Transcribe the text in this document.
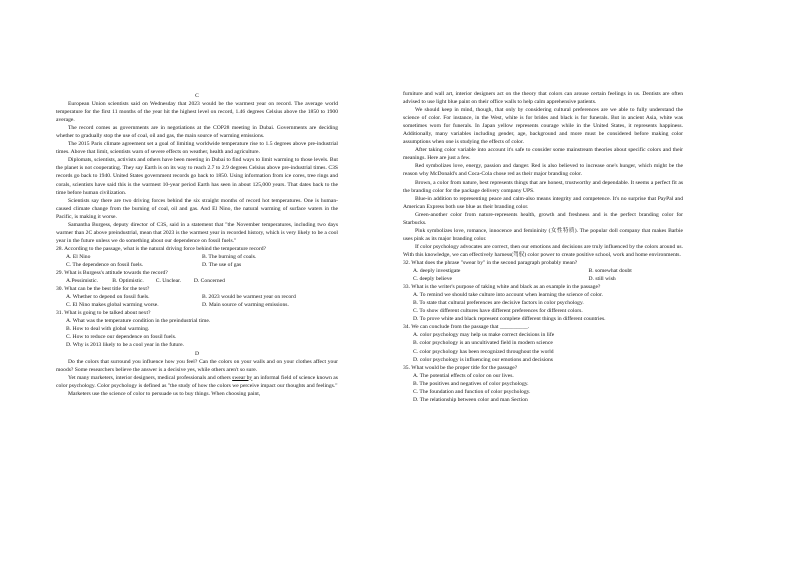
C

European Union scientists said on Wednesday that 2023 would be the warmest year on record. The average world temperature for the first 11 months of the year hit the highest level on record, 1.46 degrees Celsius above the 1850 to 1900 average.

The record comes as governments are in negotiations at the COP28 meeting in Dubai. Governments are deciding whether to gradually stop the use of coal, oil and gas, the main source of warming emissions.

The 2015 Paris climate agreement set a goal of limiting worldwide temperature rise to 1.5 degrees above pre-industrial times. Above that limit, scientists warn of severe effects on weather, health and agriculture.

Diplomats, scientists, activists and others have been meeting in Dubai to find ways to limit warming to those levels. But the planet is not cooperating. They say Earth is on its way to reach 2.7 to 2.9 degrees Celsius above pre-industrial times. C3S records go back to 1940. United States government records go back to 1850. Using information from ice cores, tree rings and corals, scientists have said this is the warmest 10-year period Earth has seen in about 125,000 years. That dates back to the time before human civilization.

Scientists say there are two driving forces behind the six straight months of record hot temperatures. One is human-caused climate change from the burning of coal, oil and gas. And El Nino, the natural warming of surface waters in the Pacific, is making it worse.

Samantha Burgess, deputy director of C3S, said in a statement that "the November temperatures, including two days warmer than 2C above preindustrial, mean that 2023 is the warmest year in recorded history, which is very likely to be a cool year in the future unless we do something about our dependence on fossil fuels."

28. According to the passage, what is the natural driving force behind the temperature record?

A. El Nino	B. The burning of coals.
C. The dependence on fossil fuels.	D. The use of gas

29. What is Burgess's attitude towards the record?

A.Pessimistic.	B. Optimistic.	C. Unclear.	D. Concerned

30. What can be the best title for the text?

A. Whether to depend on fossil fuels.	B. 2023 would be warmest year on record
C. El Nino makes global warming worse.	D. Main source of warming emissions.

31. What is going to be talked about next?

A. What was the temperature condition in the preindustrial time.

B. How to deal with global warming.

C. How to reduce our dependence on fossil fuels.

D. Why is 2013 likely to be a cool year in the future.

D

Do the colors that surround you influence how you feel? Can the colors on your walls and on your clothes affect your moods? Some researchers believe the answer is a decisive yes, while others aren't so sure.

Yet many marketers, interior designers, medical professionals and others swear by an informal field of science known as color psychology. Color psychology is defined as "the study of how the colors we perceive impact our thoughts and feelings."

Marketers use the science of color to persuade us to buy things. When choosing paint,

furniture and wall art, interior designers act on the theory that colors can arouse certain feelings in us. Dentists are often advised to use light blue paint on their office walls to help calm apprehensive patients.

We should keep in mind, though, that only by considering cultural preferences are we able to fully understand the science of color. For instance, in the West, white is for brides and black is for funerals. But in ancient Asia, white was sometimes worn for funerals. In Japan yellow represents courage while in the United States, it represents happiness. Additionally, many variables including gender, age, background and more must be considered before making color assumptions when one is studying the effects of color.

After taking color variable into account it's safe to consider some mainstream theories about specific colors and their meanings. Here are just a few.

Red symbolizes love, energy, passion and danger. Red is also believed to increase one's hunger, which might be the reason why McDonald's and Coca-Cola chose red as their major branding color.

Brown, a color from nature, best represents things that are honest, trustworthy and dependable. It seems a perfect fit as the branding color for the package delivery company UPS.

Blue-in addition to representing peace and calm-also means integrity and competence. It's no surprise that PayPal and American Express both use blue as their branding color.

Green-another color from nature-represents health, growth and freshness and is the perfect branding color for Starbucks.

Pink symbolizes love, romance, innocence and femininity (女性特质). The popular doll company that makes Barbie uses pink as its major branding color.

If color psychology advocates are correct, then our emotions and decisions are truly influenced by the colors around us. With this knowledge, we can effectively harness(驾驭) color power to create positive school, work and home environments.

32. What does the phrase "swear by" in the second paragraph probably mean?

A. deeply investigate	B. somewhat doubt
C. deeply believe	D. still wish

33. What is the writer's purpose of taking white and black as an example in the passage?

A. To remind we should take culture into account when learning the science of color.

B. To state that cultural preferences are decisive factors in color psychology.

C. To show different cultures have different preferences for different colors.

D. To prove white and black represent complete different things in different countries.

34. We can conclude from the passage that __________.

A. color psychology may help us make correct decisions in life

B. color psychology is an uncultivated field in modern science

C. color psychology has been recognized throughout the world

D. color psychology is influencing our emotions and decisions

35. What would be the proper title for the passage?

A. The potential effects of color on our lives.

B. The positives and negatives of color psychology.

C. The foundation and function of color psychology.

D. The relationship between color and man Section
